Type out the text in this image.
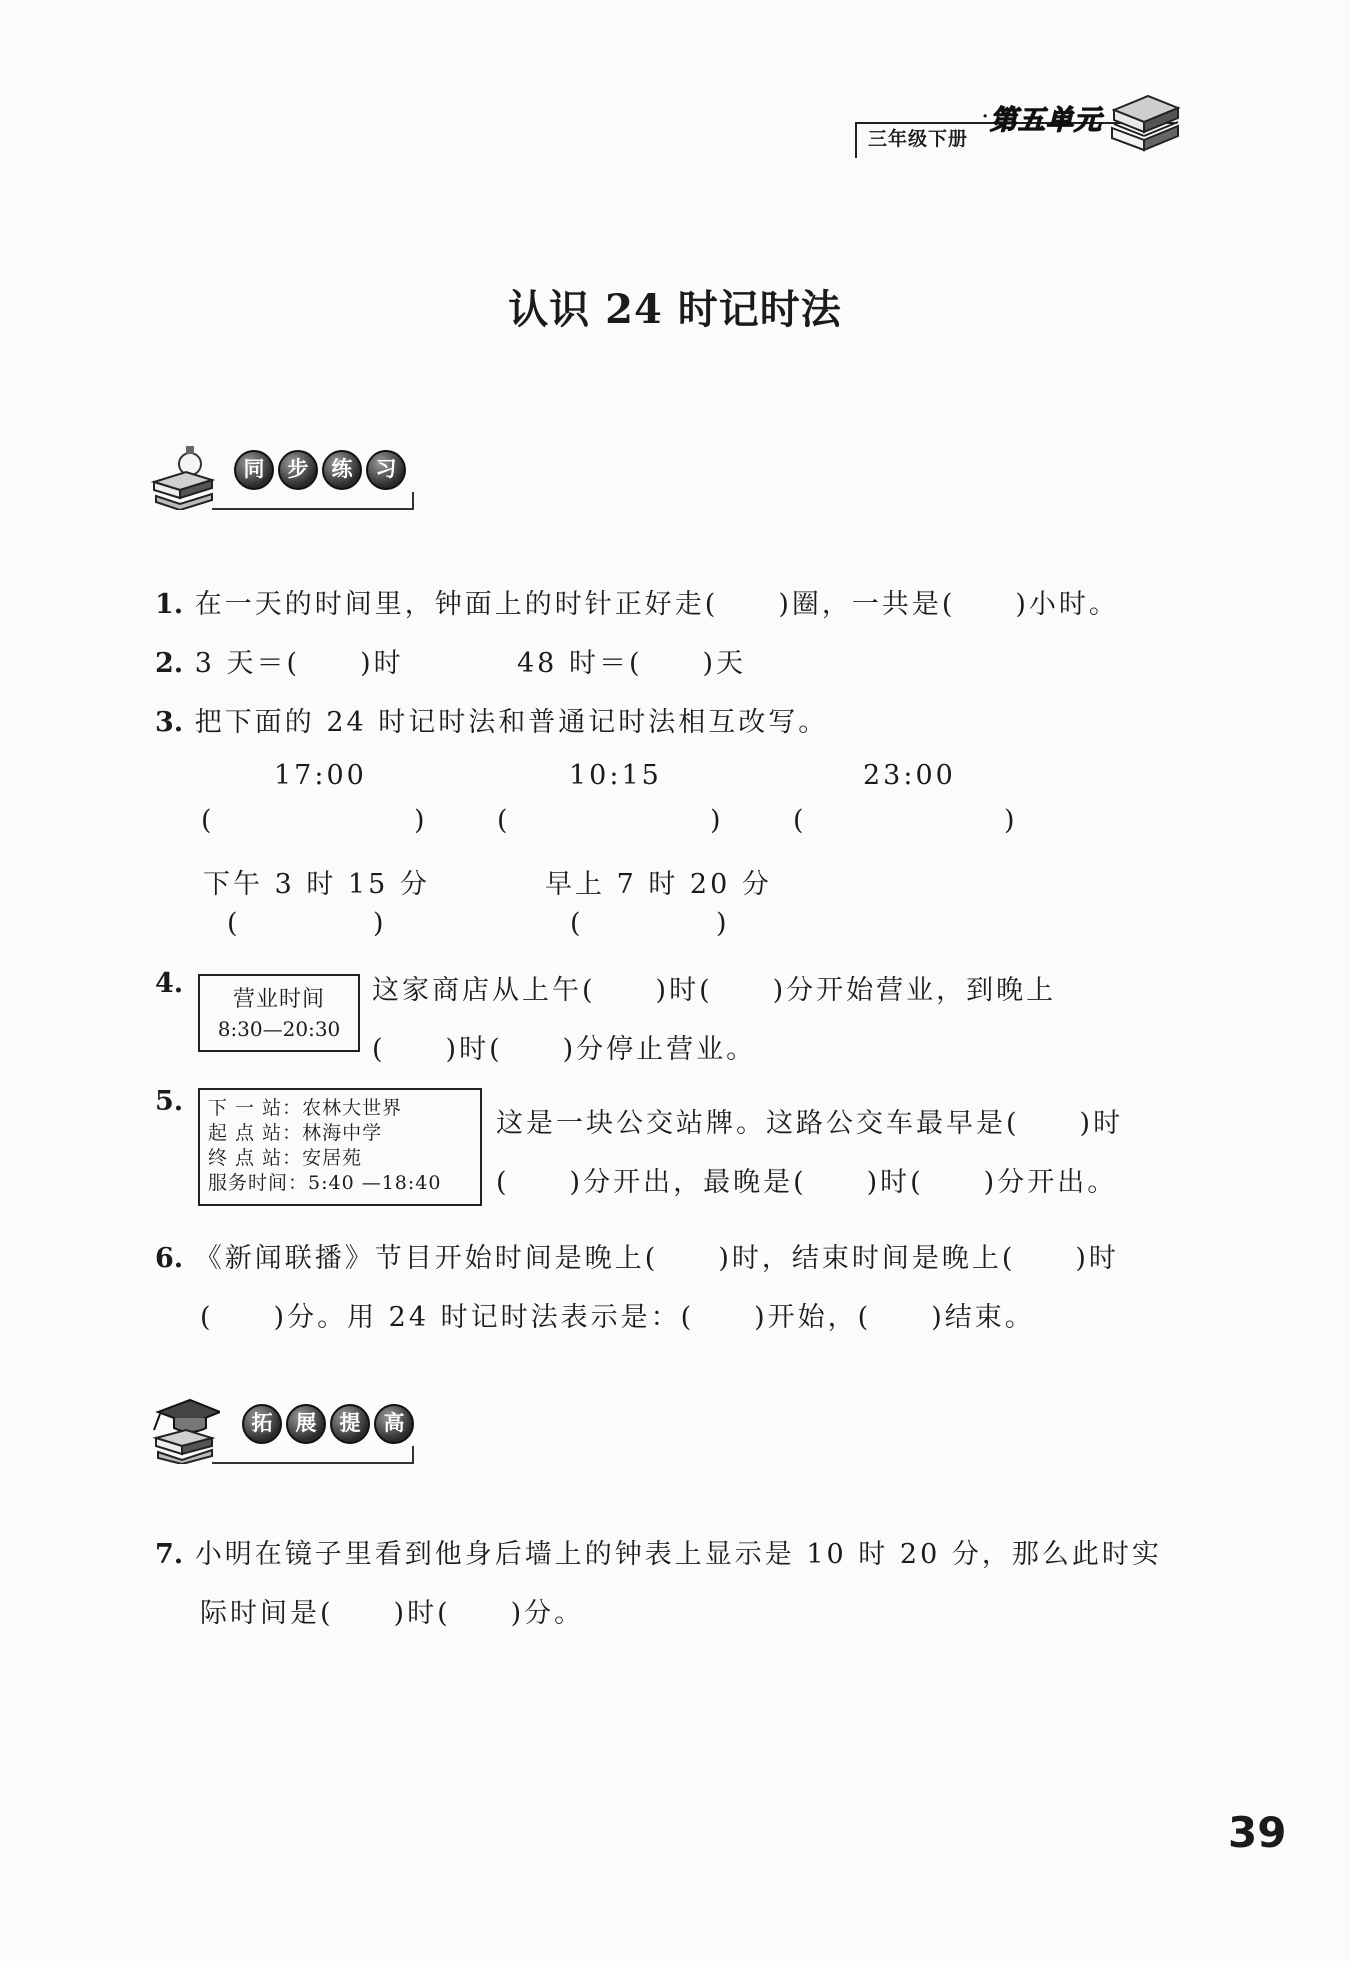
三年级下册
· 第五单元
认识 24 时记时法
同	步	练	习
1. 在一天的时间里，钟面上的时针正好走(　　)圈，一共是(　　)小时。
2. 3 天＝(　　)时	48 时＝(　　)天
3. 把下面的 24 时记时法和普通记时法相互改写。
17:00	10:15	23:00
(	)	(	)	(	)
下午 3 时 15 分	早上 7 时 20 分
(	)	(	)
4.
营业时间
8:30—20:30
这家商店从上午(　　)时(　　)分开始营业，到晚上
(　　)时(　　)分停止营业。
5. 下 一 站：农林大世界
起 点 站：林海中学
终 点 站：安居苑
服务时间：5:40 —18:40
这是一块公交站牌。这路公交车最早是(　　)时
(　　)分开出，最晚是(　　)时(　　)分开出。
6. 《新闻联播》节目开始时间是晚上(　　)时，结束时间是晚上(　　)时
(　　)分。用 24 时记时法表示是：(　　)开始，(　　)结束。
拓	展	提	高
7. 小明在镜子里看到他身后墙上的钟表上显示是 10 时 20 分，那么此时实
际时间是(　　)时(　　)分。
39
